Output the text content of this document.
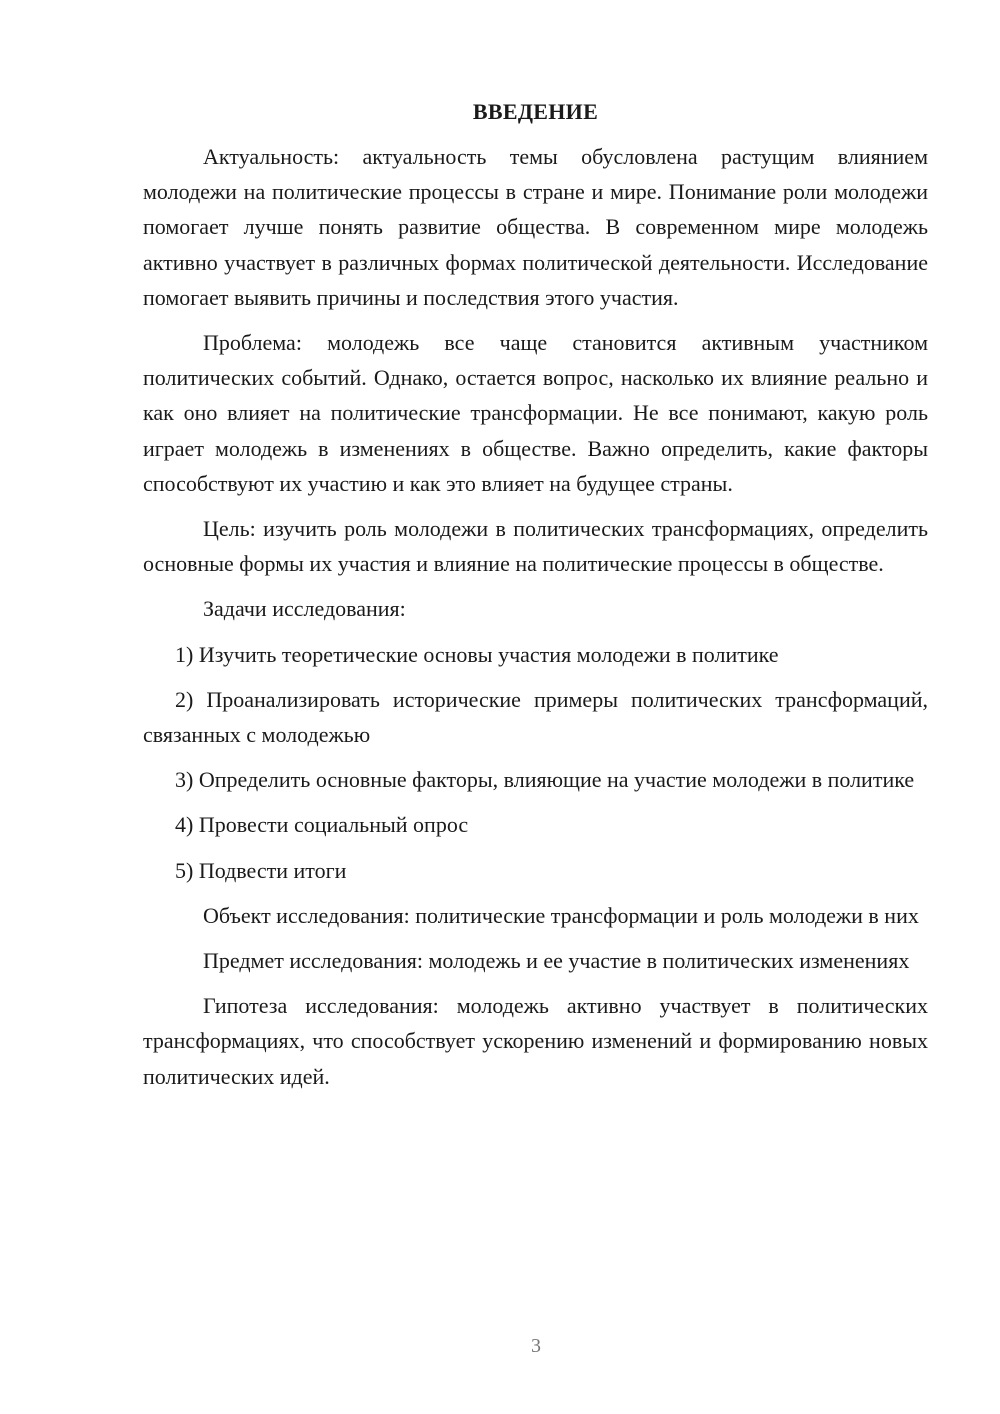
ВВЕДЕНИЕ

Актуальность: актуальность темы обусловлена растущим влиянием молодежи на политические процессы в стране и мире. Понимание роли молодежи помогает лучше понять развитие общества. В современном мире молодежь активно участвует в различных формах политической деятельности. Исследование помогает выявить причины и последствия этого участия.

Проблема: молодежь все чаще становится активным участником политических событий. Однако, остается вопрос, насколько их влияние реально и как оно влияет на политические трансформации. Не все понимают, какую роль играет молодежь в изменениях в обществе. Важно определить, какие факторы способствуют их участию и как это влияет на будущее страны.

Цель: изучить роль молодежи в политических трансформациях, определить основные формы их участия и влияние на политические процессы в обществе.

Задачи исследования:

1) Изучить теоретические основы участия молодежи в политике

2) Проанализировать исторические примеры политических трансформаций, связанных с молодежью

3) Определить основные факторы, влияющие на участие молодежи в политике

4) Провести социальный опрос

5) Подвести итоги

Объект исследования: политические трансформации и роль молодежи в них

Предмет исследования: молодежь и ее участие в политических изменениях

Гипотеза исследования: молодежь активно участвует в политических трансформациях, что способствует ускорению изменений и формированию новых политических идей.

3
